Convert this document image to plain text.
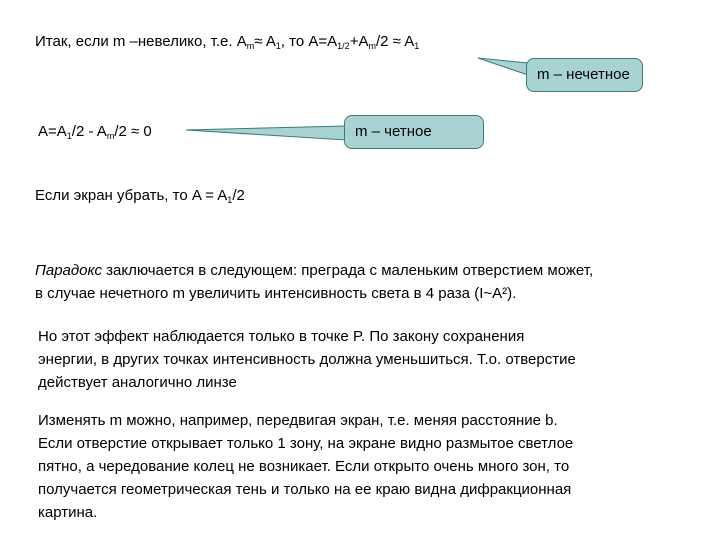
Итак, если m –невелико, т.е. $A_m\approx A_1$, то $A=A_{1/2}+A_m/2 \approx A_1$
m – нечетное
$A=A_1/2 - A_m/2 \approx 0$	m – четное
Если экран убрать, то $A = A_1/2$
Парадокс заключается в следующем: преграда с маленьким отверстием может,
в случае нечетного m увеличить интенсивность света в 4 раза (I~A²).
Но этот эффект наблюдается только в точке P. По закону сохранения
энергии, в других точках интенсивность должна уменьшиться. Т.о. отверстие
действует аналогично линзе
Изменять m можно, например, передвигая экран, т.е. меняя расстояние b.
Если отверстие открывает только 1 зону, на экране видно размытое светлое
пятно, а чередование колец не возникает. Если открыто очень много зон, то
получается геометрическая тень и только на ее краю видна дифракционная
картина.
